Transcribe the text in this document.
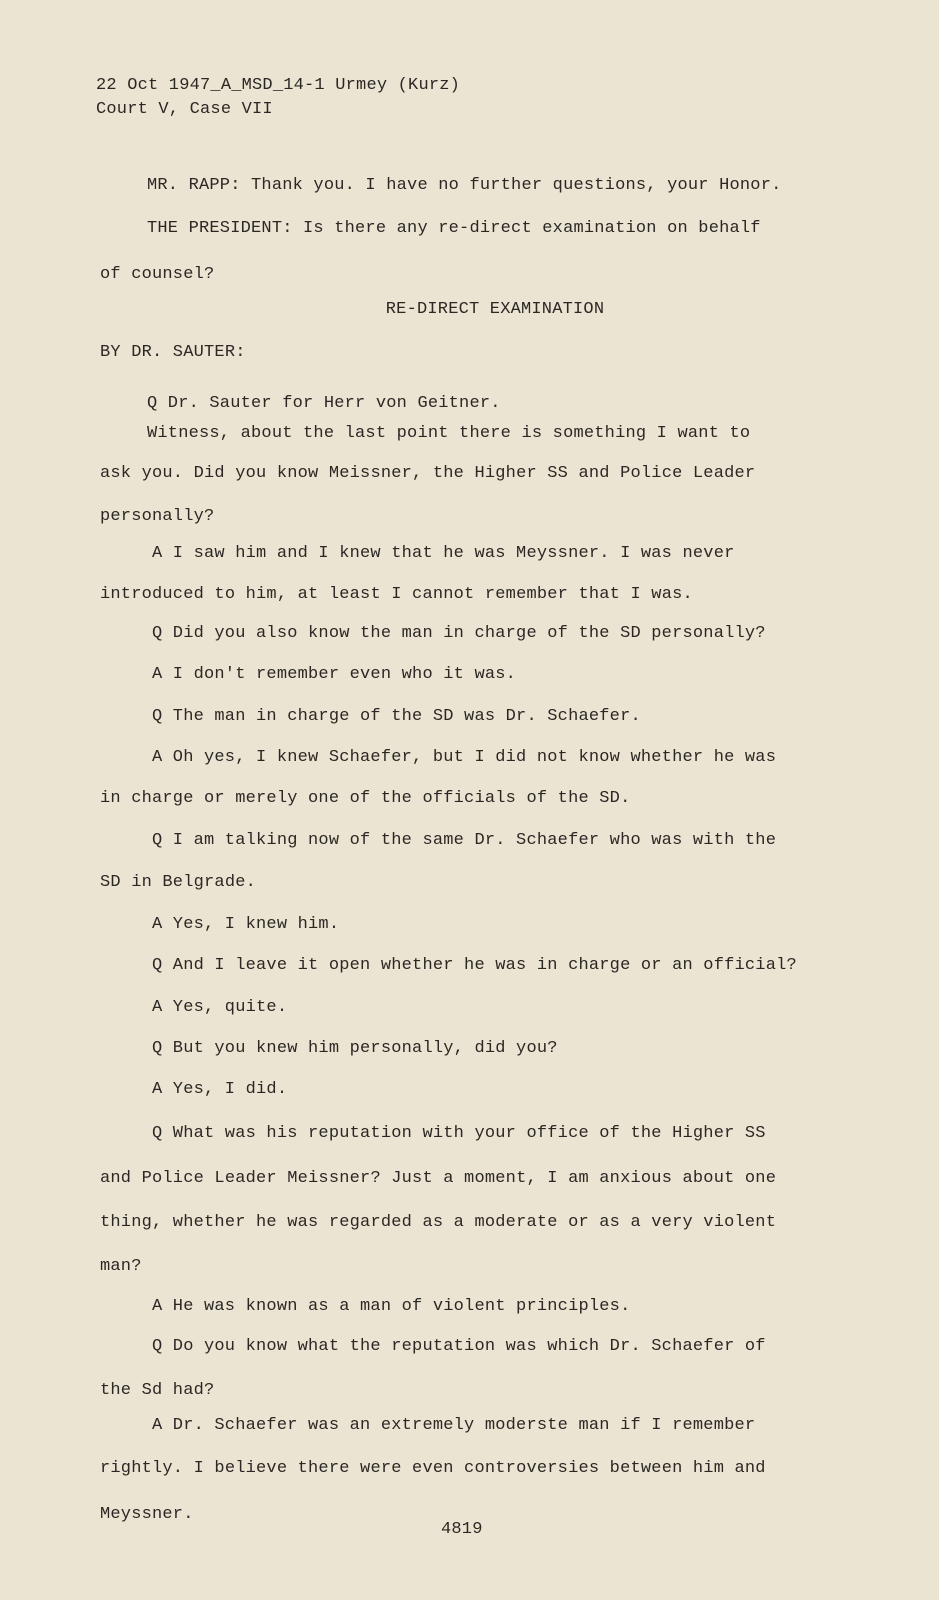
22 Oct 1947_A_MSD_14-1 Urmey (Kurz)
Court V, Case VII
MR. RAPP: Thank you. I have no further questions, your Honor.
THE PRESIDENT: Is there any re-direct examination on behalf
of counsel?
RE-DIRECT EXAMINATION
BY DR. SAUTER:
Q Dr. Sauter for Herr von Geitner.
Witness, about the last point there is something I want to
ask you. Did you know Meissner, the Higher SS and Police Leader
personally?
A I saw him and I knew that he was Meyssner. I was never
introduced to him, at least I cannot remember that I was.
Q Did you also know the man in charge of the SD personally?
A I don't remember even who it was.
Q The man in charge of the SD was Dr. Schaefer.
A Oh yes, I knew Schaefer, but I did not know whether he was
in charge or merely one of the officials of the SD.
Q I am talking now of the same Dr. Schaefer who was with the
SD in Belgrade.
A Yes, I knew him.
Q And I leave it open whether he was in charge or an official?
A Yes, quite.
Q But you knew him personally, did you?
A Yes, I did.
Q What was his reputation with your office of the Higher SS
and Police Leader Meissner? Just a moment, I am anxious about one
thing, whether he was regarded as a moderate or as a very violent
man?
A He was known as a man of violent principles.
Q Do you know what the reputation was which Dr. Schaefer of
the Sd had?
A Dr. Schaefer was an extremely moderste man if I remember
rightly. I believe there were even controversies between him and
Meyssner.
4819
